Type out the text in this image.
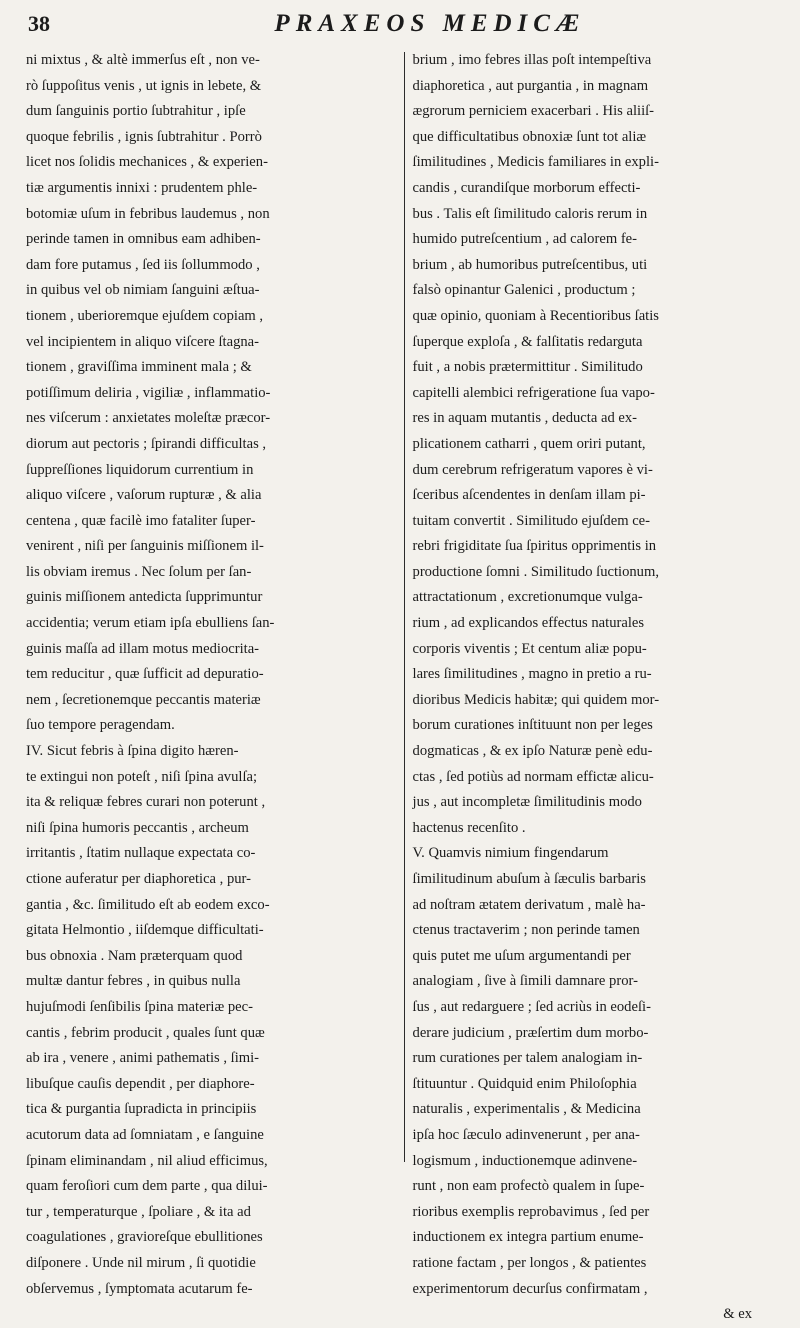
38	PRAXEOS MEDICÆ
ni mixtus , & altè immerſus eſt , non ve-
rò ſuppoſitus venis , ut ignis in lebete, &
dum ſanguinis portio ſubtrahitur , ipſe
quoque febrilis , ignis ſubtrahitur . Porrò
licet nos ſolidis mechanices , & experien-
tiæ argumentis innixi : prudentem phle-
botomiæ uſum in febribus laudemus , non
perinde tamen in omnibus eam adhiben-
dam fore putamus , ſed iis ſollummodo ,
in quibus vel ob nimiam ſanguini æſtua-
tionem , uberioremque ejuſdem copiam ,
vel incipientem in aliquo viſcere ſtagna-
tionem , graviſſima imminent mala ; &
potiſſimum deliria , vigiliæ , inflammatio-
nes viſcerum : anxietates moleſtæ præcor-
diorum aut pectoris ; ſpirandi difficultas ,
ſuppreſſiones liquidorum currentium in
aliquo viſcere , vaſorum rupturæ , & alia
centena , quæ facilè imo fataliter ſuper-
venirent , niſi per ſanguinis miſſionem il-
lis obviam iremus . Nec ſolum per ſan-
guinis miſſionem antedicta ſupprimuntur
accidentia; verum etiam ipſa ebulliens ſan-
guinis maſſa ad illam motus mediocrita-
tem reducitur , quæ ſufficit ad depuratio-
nem , ſecretionemque peccantis materiæ
ſuo tempore peragendam.
IV. Sicut febris à ſpina digito hæren-
te extingui non poteſt , niſi ſpina avulſa;
ita & reliquæ febres curari non poterunt ,
niſi ſpina humoris peccantis , archeum
irritantis , ſtatim nullaque expectata co-
ctione auferatur per diaphoretica , pur-
gantia , &c. ſimilitudo eſt ab eodem exco-
gitata Helmontio , iiſdemque difficultati-
bus obnoxia . Nam præterquam quod
multæ dantur febres , in quibus nulla
hujuſmodi ſenſibilis ſpina materiæ pec-
cantis , febrim producit , quales ſunt quæ
ab ira , venere , animi pathematis , ſimi-
libuſque cauſis dependit , per diaphore-
tica & purgantia ſupradicta in principiis
acutorum data ad ſomniatam , e ſanguine
ſpinam eliminandam , nil aliud efficimus,
quam feroſiori cum dem parte , qua dilui-
tur , temperaturque , ſpoliare , & ita ad
coagulationes , gravioreſque ebullitiones
diſponere . Unde nil mirum , ſi quotidie
obſervemus , ſymptomata acutarum fe-
brium , imo febres illas poſt intempeſtiva
diaphoretica , aut purgantia , in magnam
ægrorum perniciem exacerbari . His aliiſ-
que difficultatibus obnoxiæ ſunt tot aliæ
ſimilitudines , Medicis familiares in expli-
candis , curandiſque morborum effecti-
bus . Talis eſt ſimilitudo caloris rerum in
humido putreſcentium , ad calorem fe-
brium , ab humoribus putreſcentibus, uti
falsò opinantur Galenici , productum ;
quæ opinio, quoniam à Recentioribus ſatis
ſuperque exploſa , & falſitatis redarguta
fuit , a nobis prætermittitur . Similitudo
capitelli alembici refrigeratione ſua vapo-
res in aquam mutantis , deducta ad ex-
plicationem catharri , quem oriri putant,
dum cerebrum refrigeratum vapores è vi-
ſceribus aſcendentes in denſam illam pi-
tuitam convertit . Similitudo ejuſdem ce-
rebri frigiditate ſua ſpiritus opprimentis in
productione ſomni . Similitudo ſuctionum,
attractationum , excretionumque vulga-
rium , ad explicandos effectus naturales
corporis viventis ; Et centum aliæ popu-
lares ſimilitudines , magno in pretio a ru-
dioribus Medicis habitæ; qui quidem mor-
borum curationes inſtituunt non per leges
dogmaticas , & ex ipſo Naturæ penè edu-
ctas , ſed potiùs ad normam effictæ alicu-
jus , aut incompletæ ſimilitudinis modo
hactenus recenſito .
V. Quamvis nimium fingendarum
ſimilitudinum abuſum à ſæculis barbaris
ad noſtram ætatem derivatum , malè ha-
ctenus tractaverim ; non perinde tamen
quis putet me uſum argumentandi per
analogiam , ſive à ſimili damnare pror-
ſus , aut redarguere ; ſed acriùs in eodeſi-
derare judicium , præſertim dum morbo-
rum curationes per talem analogiam in-
ſtituuntur . Quidquid enim Philoſophia
naturalis , experimentalis , & Medicina
ipſa hoc ſæculo adinvenerunt , per ana-
logismum , inductionemque adinvene-
runt , non eam profectò qualem in ſupe-
rioribus exemplis reprobavimus , ſed per
inductionem ex integra partium enume-
ratione factam , per longos , & patientes
experimentorum decurſus confirmatam ,
& ex
